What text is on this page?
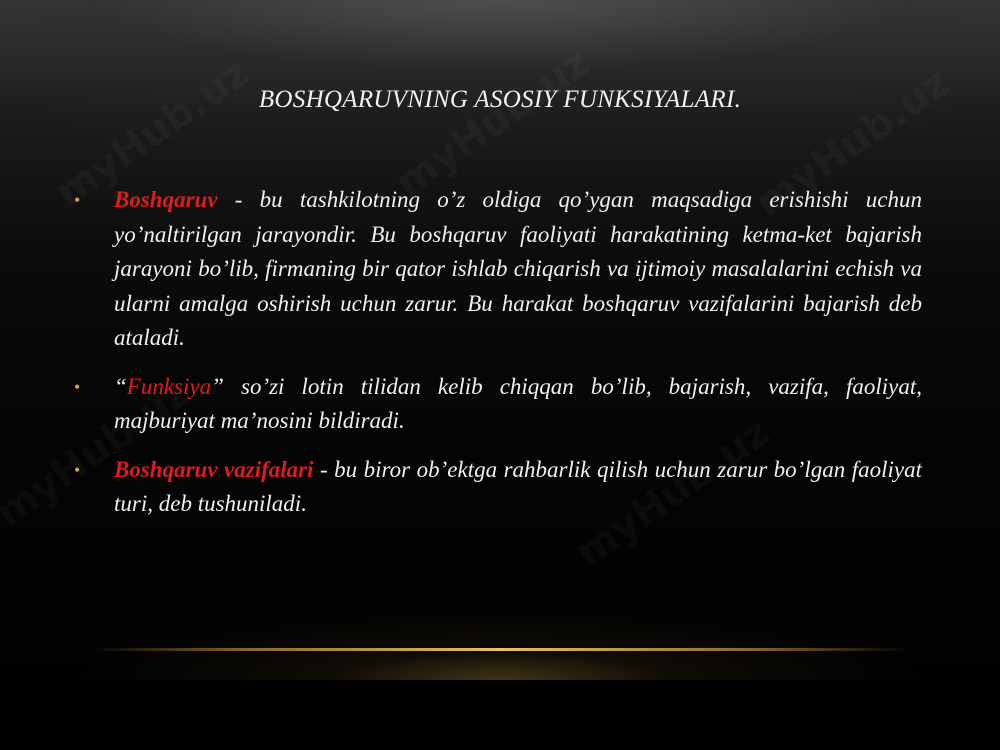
BOSHQARUVNING ASOSIY FUNKSIYALARI.
• Boshqaruv - bu tashkilotning o’z oldiga qo’ygan maqsadiga erishishi uchun yo’naltirilgan jarayondir. Bu boshqaruv faoliyati harakatining ketma-ket bajarish jarayoni bo’lib, firmaning bir qator ishlab chiqarish va ijtimoiy masalalarini echish va ularni amalga oshirish uchun zarur. Bu harakat boshqaruv vazifalarini bajarish deb ataladi.
• “Funksiya” so’zi lotin tilidan kelib chiqqan bo’lib, bajarish, vazifa, faoliyat, majburiyat ma’nosini bildiradi.
• Boshqaruv vazifalari - bu biror ob’ektga rahbarlik qilish uchun zarur bo’lgan faoliyat turi, deb tushuniladi.
